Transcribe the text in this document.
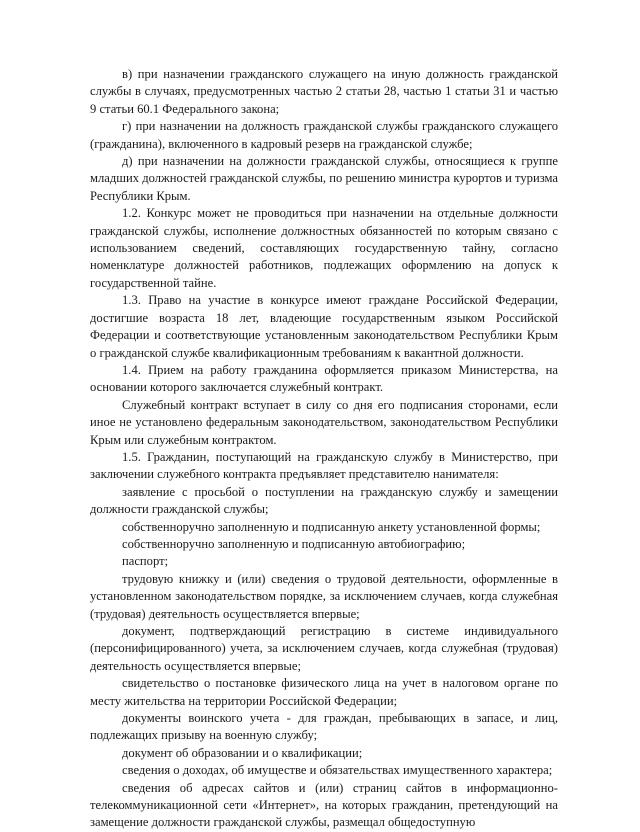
в) при назначении гражданского служащего на иную должность гражданской службы в случаях, предусмотренных частью 2 статьи 28, частью 1 статьи 31 и частью 9 статьи 60.1 Федерального закона;

г) при назначении на должность гражданской службы гражданского служащего (гражданина), включенного в кадровый резерв на гражданской службе;

д) при назначении на должности гражданской службы, относящиеся к группе младших должностей гражданской службы, по решению министра курортов и туризма Республики Крым.

1.2. Конкурс может не проводиться при назначении на отдельные должности гражданской службы, исполнение должностных обязанностей по которым связано с использованием сведений, составляющих государственную тайну, согласно номенклатуре должностей работников, подлежащих оформлению на допуск к государственной тайне.

1.3. Право на участие в конкурсе имеют граждане Российской Федерации, достигшие возраста 18 лет, владеющие государственным языком Российской Федерации и соответствующие установленным законодательством Республики Крым о гражданской службе квалификационным требованиям к вакантной должности.

1.4. Прием на работу гражданина оформляется приказом Министерства, на основании которого заключается служебный контракт.

Служебный контракт вступает в силу со дня его подписания сторонами, если иное не установлено федеральным законодательством, законодательством Республики Крым или служебным контрактом.

1.5. Гражданин, поступающий на гражданскую службу в Министерство, при заключении служебного контракта предъявляет представителю нанимателя:

заявление с просьбой о поступлении на гражданскую службу и замещении должности гражданской службы;

собственноручно заполненную и подписанную анкету установленной формы;

собственноручно заполненную и подписанную автобиографию;

паспорт;

трудовую книжку и (или) сведения о трудовой деятельности, оформленные в установленном законодательством порядке, за исключением случаев, когда служебная (трудовая) деятельность осуществляется впервые;

документ, подтверждающий регистрацию в системе индивидуального (персонифицированного) учета, за исключением случаев, когда служебная (трудовая) деятельность осуществляется впервые;

свидетельство о постановке физического лица на учет в налоговом органе по месту жительства на территории Российской Федерации;

документы воинского учета - для граждан, пребывающих в запасе, и лиц, подлежащих призыву на военную службу;

документ об образовании и о квалификации;

сведения о доходах, об имуществе и обязательствах имущественного характера;

сведения об адресах сайтов и (или) страниц сайтов в информационно-телекоммуникационной сети «Интернет», на которых гражданин, претендующий на замещение должности гражданской службы, размещал общедоступную
